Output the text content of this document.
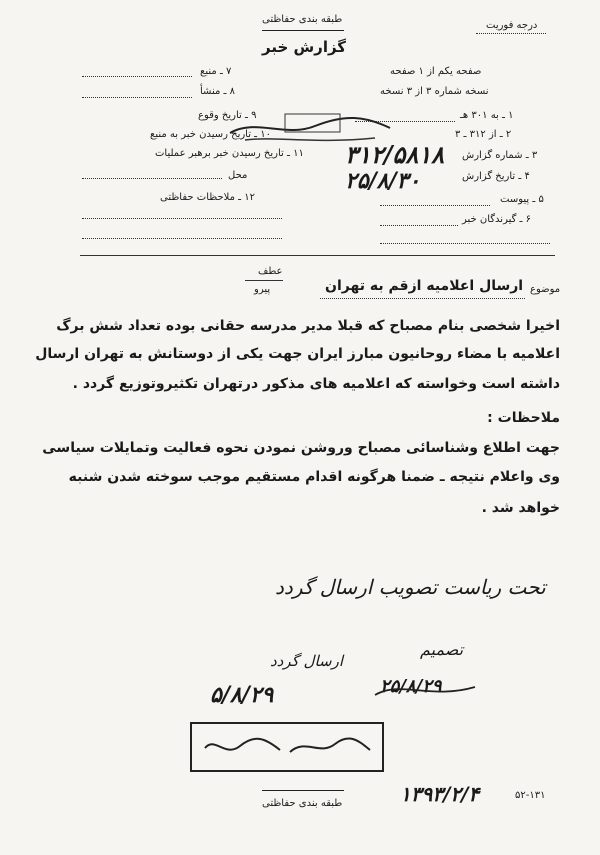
طبقه بندی حفاظتی
گزارش خبر
درجه فوریت
۷ ـ منبع
۸ ـ منشأ
۹ ـ تاریخ وقوع
۱۰ ـ تاریخ رسیدن خبر به منبع
۱۱ ـ تاریخ رسیدن خبر برهبر عملیات
محل
۱۲ ـ ملاحظات حفاظتی
صفحه یکم از ۱ صفحه
نسخه شماره ۳ از ۳ نسخه
۱ ـ به ۳۰۱ هـ
۲ ـ از ۳۱۲ ـ ۳
۳ ـ شماره گزارش
۴ ـ تاریخ گزارش
۵ ـ پیوست
۶ ـ گیرندگان خبر
۳۱۲/۵۸۱۸
۲۵/۸/۳۰
عطف
پیرو	موضوع
ارسال اعلامیه ازقم به تهران
اخیرا شخصی بنام مصباح که قبلا مدیر مدرسه حقانی بوده تعداد شش برگ
اعلامیه با مضاء روحانیون مبارز ایران جهت یکی از دوستانش به تهران ارسال
داشته است وخواسته که اعلامیه های مذکور درتهران تکثیروتوزیع گردد .
ملاحظات :
جهت اطلاع وشناسائی مصباح وروشن نمودن نحوه فعالیت وتمایلات سیاسی
وی واعلام نتیجه ـ ضمنا هرگونه اقدام مستقیم موجب سوخته شدن شنبه
خواهد شد .
تحت ریاست تصویب ارسال گردد
تصمیم
۲۵/۸/۲۹
ارسال گردد
۵/۸/۲۹
طبقه بندی حفاظتی	۱۳۹۳/۲/۴	۵۲-۱۳۱
